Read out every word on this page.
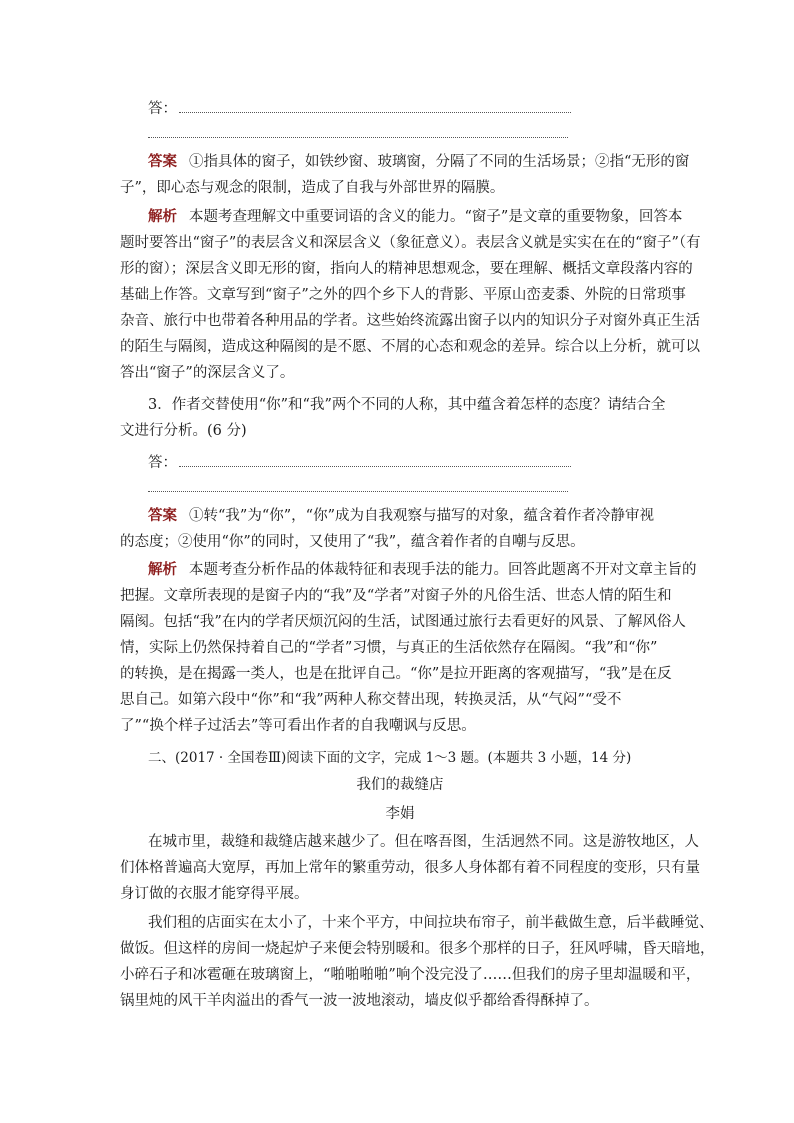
答：
答案 ①指具体的窗子，如铁纱窗、玻璃窗，分隔了不同的生活场景；②指“无形的窗
子”，即心态与观念的限制，造成了自我与外部世界的隔膜。
解析 本题考查理解文中重要词语的含义的能力。“窗子”是文章的重要物象，回答本
题时要答出“窗子”的表层含义和深层含义（象征意义）。表层含义就是实实在在的“窗子”（有
形的窗）；深层含义即无形的窗，指向人的精神思想观念，要在理解、概括文章段落内容的
基础上作答。文章写到“窗子”之外的四个乡下人的背影、平原山峦麦黍、外院的日常琐事
杂音、旅行中也带着各种用品的学者。这些始终流露出窗子以内的知识分子对窗外真正生活
的陌生与隔阂，造成这种隔阂的是不愿、不屑的心态和观念的差异。综合以上分析，就可以
答出“窗子”的深层含义了。
3．作者交替使用“你”和“我”两个不同的人称，其中蕴含着怎样的态度？请结合全
文进行分析。(6 分)
答：
答案 ①转“我”为“你”，“你”成为自我观察与描写的对象，蕴含着作者冷静审视
的态度；②使用“你”的同时，又使用了“我”，蕴含着作者的自嘲与反思。
解析 本题考查分析作品的体裁特征和表现手法的能力。回答此题离不开对文章主旨的
把握。文章所表现的是窗子内的“我”及“学者”对窗子外的凡俗生活、世态人情的陌生和
隔阂。包括“我”在内的学者厌烦沉闷的生活，试图通过旅行去看更好的风景、了解风俗人
情，实际上仍然保持着自己的“学者”习惯，与真正的生活依然存在隔阂。“我”和“你”
的转换，是在揭露一类人，也是在批评自己。“你”是拉开距离的客观描写，“我”是在反
思自己。如第六段中“你”和“我”两种人称交替出现，转换灵活，从“气闷”“受不
了”“换个样子过活去”等可看出作者的自我嘲讽与反思。
二、(2017 · 全国卷Ⅲ)阅读下面的文字，完成 1～3 题。(本题共 3 小题，14 分)
我们的裁缝店
李娟
在城市里，裁缝和裁缝店越来越少了。但在喀吾图，生活迥然不同。这是游牧地区，人
们体格普遍高大宽厚，再加上常年的繁重劳动，很多人身体都有着不同程度的变形，只有量
身订做的衣服才能穿得平展。
我们租的店面实在太小了，十来个平方，中间拉块布帘子，前半截做生意，后半截睡觉、
做饭。但这样的房间一烧起炉子来便会特别暖和。很多个那样的日子，狂风呼啸，昏天暗地，
小碎石子和冰雹砸在玻璃窗上，“啪啪啪啪”响个没完没了……但我们的房子里却温暖和平，
锅里炖的风干羊肉溢出的香气一波一波地滚动，墙皮似乎都给香得酥掉了。
